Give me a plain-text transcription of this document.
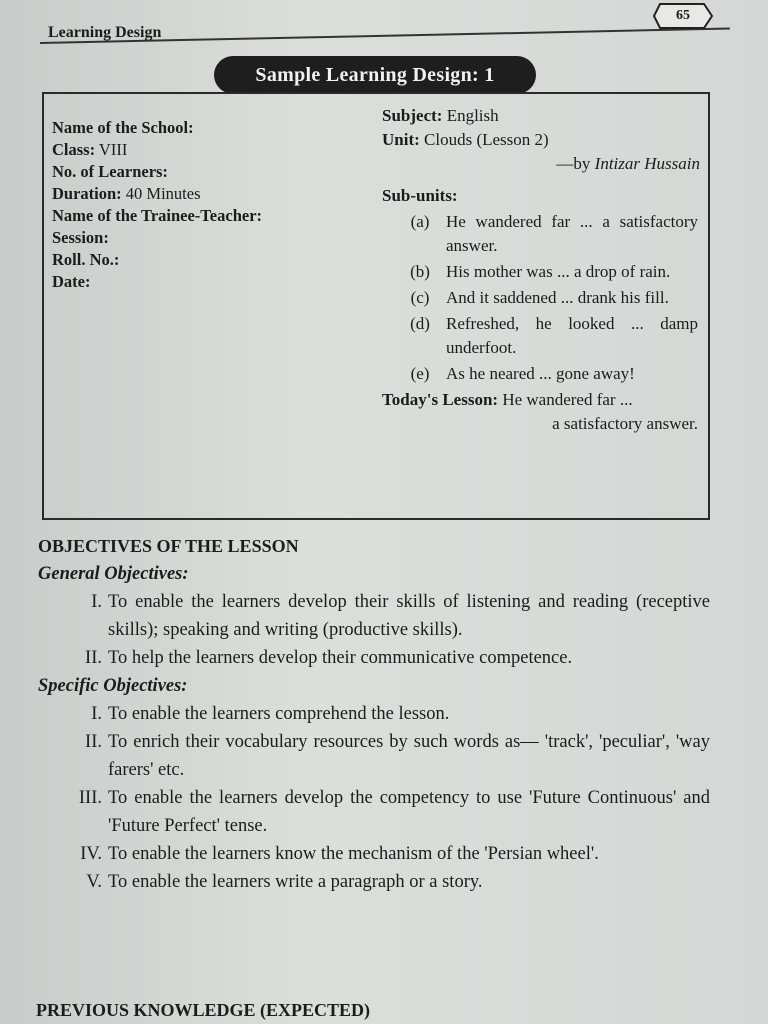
Learning Design
65
Sample Learning Design: 1
Name of the School:
Class: VIII
No. of Learners:
Duration: 40 Minutes
Name of the Trainee-Teacher:
Session:
Roll. No.:
Date:
Subject: English
Unit: Clouds (Lesson 2)
—by Intizar Hussain
Sub-units:
(a) He wandered far ... a satisfactory answer.
(b) His mother was ... a drop of rain.
(c) And it saddened ... drank his fill.
(d) Refreshed, he looked ... damp underfoot.
(e) As he neared ... gone away!
Today's Lesson: He wandered far ...
a satisfactory answer.
OBJECTIVES OF THE LESSON
General Objectives:
I. To enable the learners develop their skills of listening and reading (receptive skills); speaking and writing (productive skills).
II. To help the learners develop their communicative competence.
Specific Objectives:
I. To enable the learners comprehend the lesson.
II. To enrich their vocabulary resources by such words as— 'track', 'peculiar', 'way farers' etc.
III. To enable the learners develop the competency to use 'Future Continuous' and 'Future Perfect' tense.
IV. To enable the learners know the mechanism of the 'Persian wheel'.
V. To enable the learners write a paragraph or a story.
PREVIOUS KNOWLEDGE (EXPECTED)
